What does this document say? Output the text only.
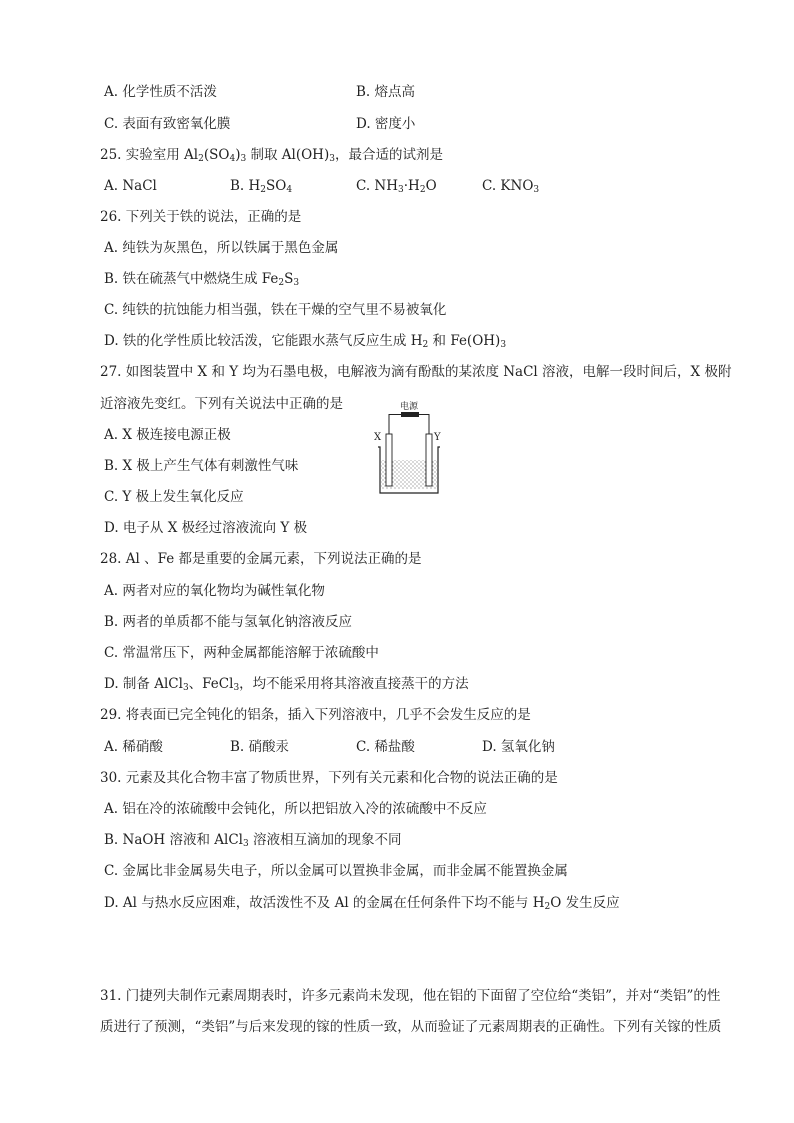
A. 化学性质不活泼	B. 熔点高
C. 表面有致密氧化膜	D. 密度小
25. 实验室用 $Al_2(SO_4)_3$ 制取 $Al(OH)_3$，最合适的试剂是
A. NaCl	B. $H_2SO_4$	C. $NH_3\cdot H_2O$	C. $KNO_3$
26. 下列关于铁的说法，正确的是
A. 纯铁为灰黑色，所以铁属于黑色金属
B. 铁在硫蒸气中燃烧生成 $Fe_2S_3$
C. 纯铁的抗蚀能力相当强，铁在干燥的空气里不易被氧化
D. 铁的化学性质比较活泼，它能跟水蒸气反应生成 $H_2$ 和 $Fe(OH)_3$
27. 如图装置中 X 和 Y 均为石墨电极，电解液为滴有酚酞的某浓度 NaCl 溶液，电解一段时间后，X 极附
近溶液先变红。下列有关说法中正确的是
A. X 极连接电源正极
B. X 极上产生气体有刺激性气味
C. Y 极上发生氧化反应
D. 电子从 X 极经过溶液流向 Y 极
电源
X	Y
28. Al 、Fe 都是重要的金属元素，下列说法正确的是
A. 两者对应的氧化物均为碱性氧化物
B. 两者的单质都不能与氢氧化钠溶液反应
C. 常温常压下，两种金属都能溶解于浓硫酸中
D. 制备 AlCl$_3$、FeCl$_3$，均不能采用将其溶液直接蒸干的方法
29. 将表面已完全钝化的铝条，插入下列溶液中，几乎不会发生反应的是
A. 稀硝酸	B. 硝酸汞	C. 稀盐酸	D. 氢氧化钠
30. 元素及其化合物丰富了物质世界，下列有关元素和化合物的说法正确的是
A. 铝在冷的浓硫酸中会钝化，所以把铝放入冷的浓硫酸中不反应
B. NaOH 溶液和 AlCl$_3$ 溶液相互滴加的现象不同
C. 金属比非金属易失电子，所以金属可以置换非金属，而非金属不能置换金属
D. Al 与热水反应困难，故活泼性不及 Al 的金属在任何条件下均不能与 $H_2O$ 发生反应
31. 门捷列夫制作元素周期表时，许多元素尚未发现，他在铝的下面留了空位给“类铝”，并对“类铝”的性
质进行了预测，“类铝”与后来发现的镓的性质一致，从而验证了元素周期表的正确性。下列有关镓的性质
